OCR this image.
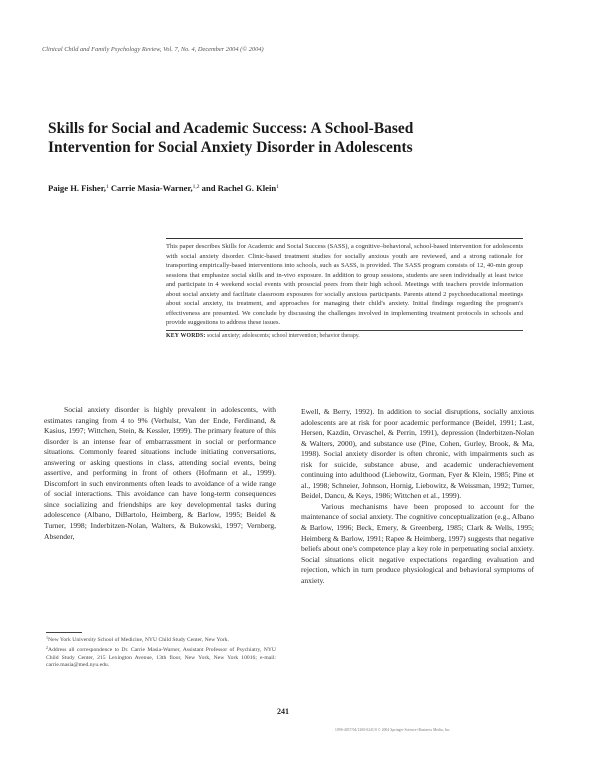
Clinical Child and Family Psychology Review, Vol. 7, No. 4, December 2004 (© 2004)
Skills for Social and Academic Success: A School-Based
Intervention for Social Anxiety Disorder in Adolescents
Paige H. Fisher,$^1$ Carrie Masia-Warner,$^{1,2}$ and Rachel G. Klein$^1$
This paper describes Skills for Academic and Social Success (SASS), a cognitive–behavioral, school-based intervention for adolescents with social anxiety disorder. Clinic-based treatment studies for socially anxious youth are reviewed, and a strong rationale for transporting empirically-based interventions into schools, such as SASS, is provided. The SASS program consists of 12, 40-min group sessions that emphasize social skills and in-vivo exposure. In addition to group sessions, students are seen individually at least twice and participate in 4 weekend social events with prosocial peers from their high school. Meetings with teachers provide information about social anxiety and facilitate classroom exposures for socially anxious participants. Parents attend 2 psychoeducational meetings about social anxiety, its treatment, and approaches for managing their child's anxiety. Initial findings regarding the program's effectiveness are presented. We conclude by discussing the challenges involved in implementing treatment protocols in schools and provide suggestions to address these issues.
KEY WORDS: social anxiety; adolescents; school intervention; behavior therapy.

Social anxiety disorder is highly prevalent in adolescents, with estimates ranging from 4 to 9% (Verhulst, Van der Ende, Ferdinand, & Kasius, 1997; Wittchen, Stein, & Kessler, 1999). The primary feature of this disorder is an intense fear of embarrassment in social or performance situations. Commonly feared situations include initiating conversations, answering or asking questions in class, attending social events, being assertive, and performing in front of others (Hofmann et al., 1999). Discomfort in such environments often leads to avoidance of a wide range of social interactions. This avoidance can have long-term consequences since socializing and friendships are key developmental tasks during adolescence (Albano, DiBartolo, Heimberg, & Barlow, 1995; Beidel & Turner, 1998; Inderbitzen-Nolan, Walters, & Bukowski, 1997; Vernberg, Absender,

Ewell, & Berry, 1992). In addition to social disruptions, socially anxious adolescents are at risk for poor academic performance (Beidel, 1991; Last, Hersen, Kazdin, Orvaschel, & Perrin, 1991), depression (Inderbitzen-Nolan & Walters, 2000), and substance use (Pine, Cohen, Gurley, Brook, & Ma, 1998). Social anxiety disorder is often chronic, with impairments such as risk for suicide, substance abuse, and academic underachievement continuing into adulthood (Liebowitz, Gorman, Fyer & Klein, 1985; Pine et al., 1998; Schneier, Johnson, Hornig, Liebowitz, & Weissman, 1992; Turner, Beidel, Dancu, & Keys, 1986; Wittchen et al., 1999).

Various mechanisms have been proposed to account for the maintenance of social anxiety. The cognitive conceptualization (e.g., Albano & Barlow, 1996; Beck, Emery, & Greenberg, 1985; Clark & Wells, 1995; Heimberg & Barlow, 1991; Rapee & Heimberg, 1997) suggests that negative beliefs about one's competence play a key role in perpetuating social anxiety. Social situations elicit negative expectations regarding evaluation and rejection, which in turn produce physiological and behavioral symptoms of anxiety.

$^1$New York University School of Medicine, NYU Child Study Center, New York.
$^2$Address all correspondence to Dr. Carrie Masia-Warner, Assistant Professor of Psychiatry, NYU Child Study Center, 215 Lexington Avenue, 13th floor, New York, New York 10016; e-mail: carrie.masia@med.nyu.edu.
241
1096-4037/04/1200-0241/0 © 2004 Springer Science+Business Media, Inc.
